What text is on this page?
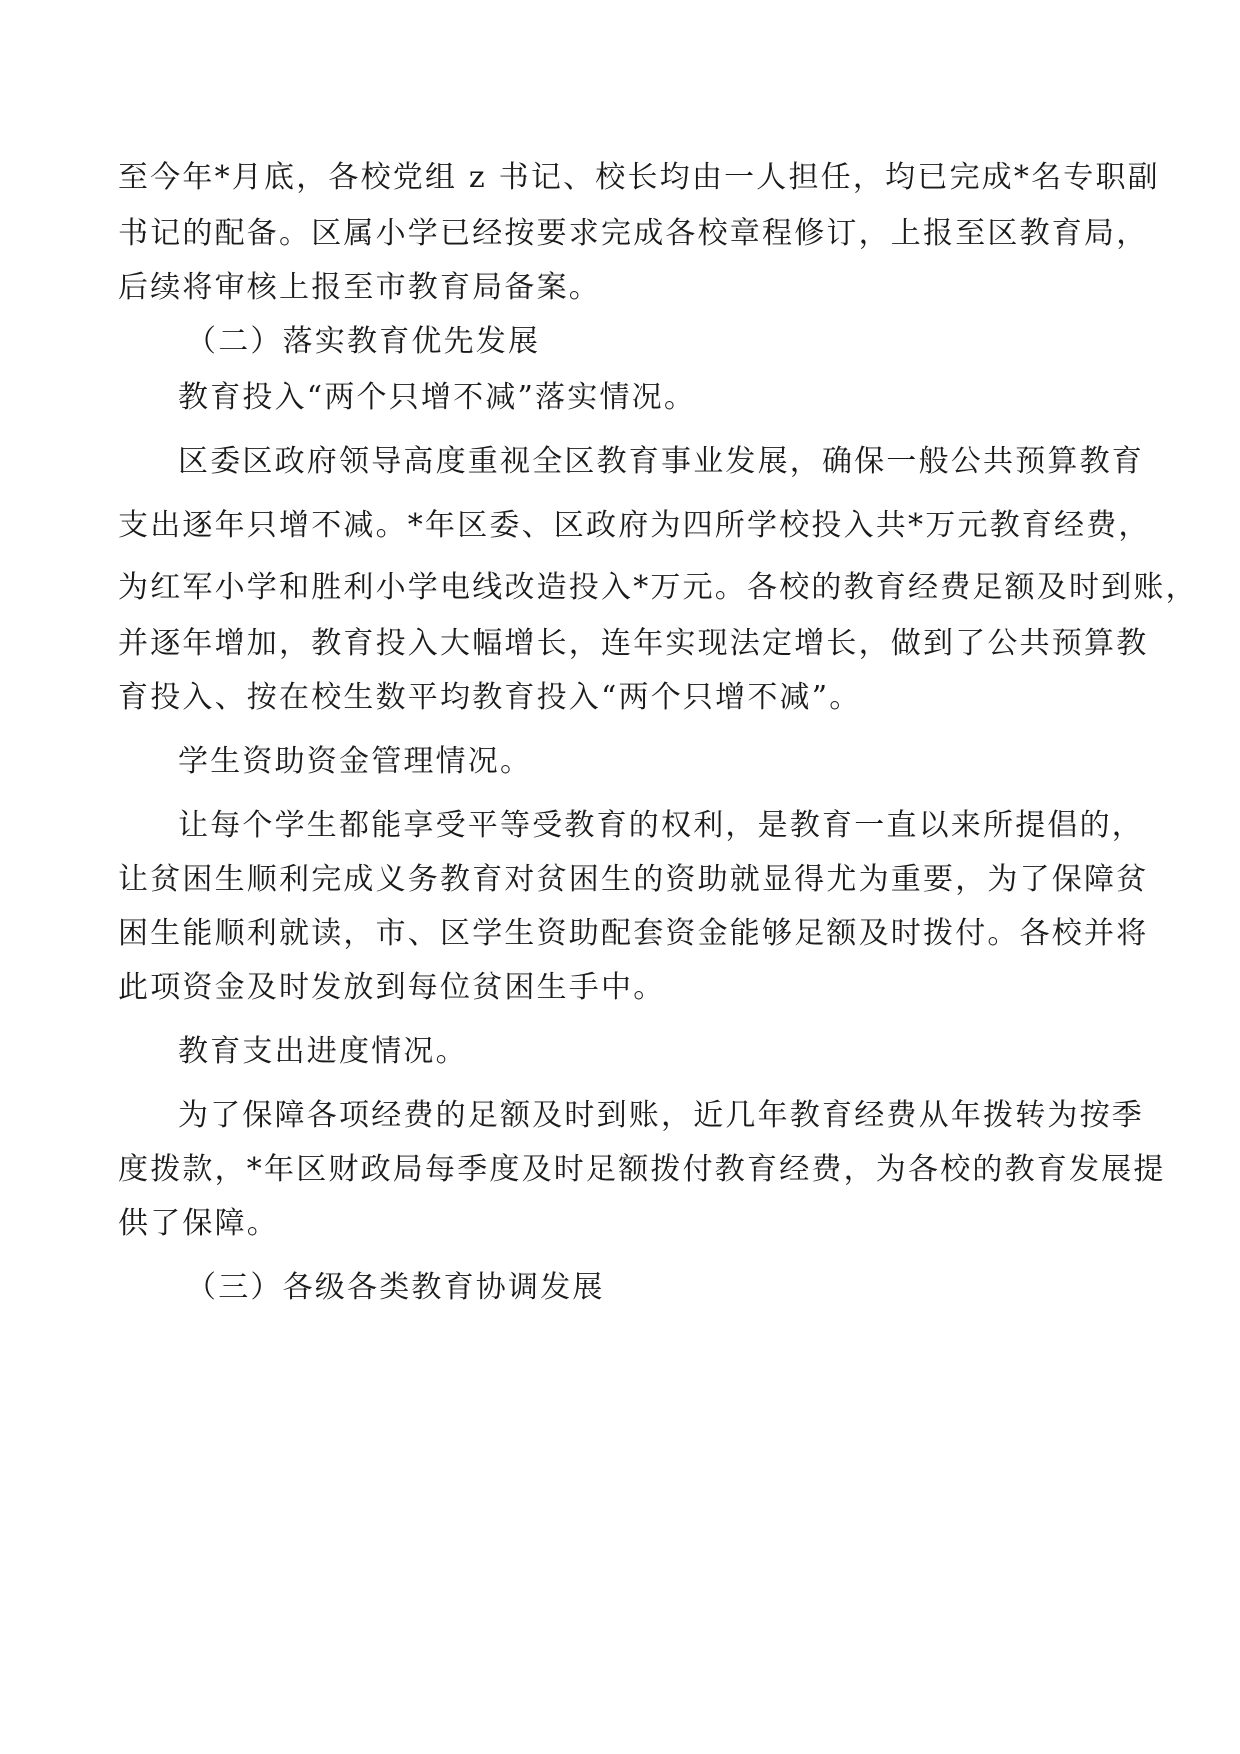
至今年*月底，各校党组 z 书记、校长均由一人担任，均已完成*名专职副
书记的配备。区属小学已经按要求完成各校章程修订，上报至区教育局，
后续将审核上报至市教育局备案。
（二）落实教育优先发展
教育投入“两个只增不减”落实情况。
区委区政府领导高度重视全区教育事业发展，确保一般公共预算教育
支出逐年只增不减。*年区委、区政府为四所学校投入共*万元教育经费，
为红军小学和胜利小学电线改造投入*万元。各校的教育经费足额及时到账，
并逐年增加，教育投入大幅增长，连年实现法定增长，做到了公共预算教
育投入、按在校生数平均教育投入“两个只增不减”。
学生资助资金管理情况。
让每个学生都能享受平等受教育的权利，是教育一直以来所提倡的，
让贫困生顺利完成义务教育对贫困生的资助就显得尤为重要，为了保障贫
困生能顺利就读，市、区学生资助配套资金能够足额及时拨付。各校并将
此项资金及时发放到每位贫困生手中。
教育支出进度情况。
为了保障各项经费的足额及时到账，近几年教育经费从年拨转为按季
度拨款，*年区财政局每季度及时足额拨付教育经费，为各校的教育发展提
供了保障。
（三）各级各类教育协调发展
